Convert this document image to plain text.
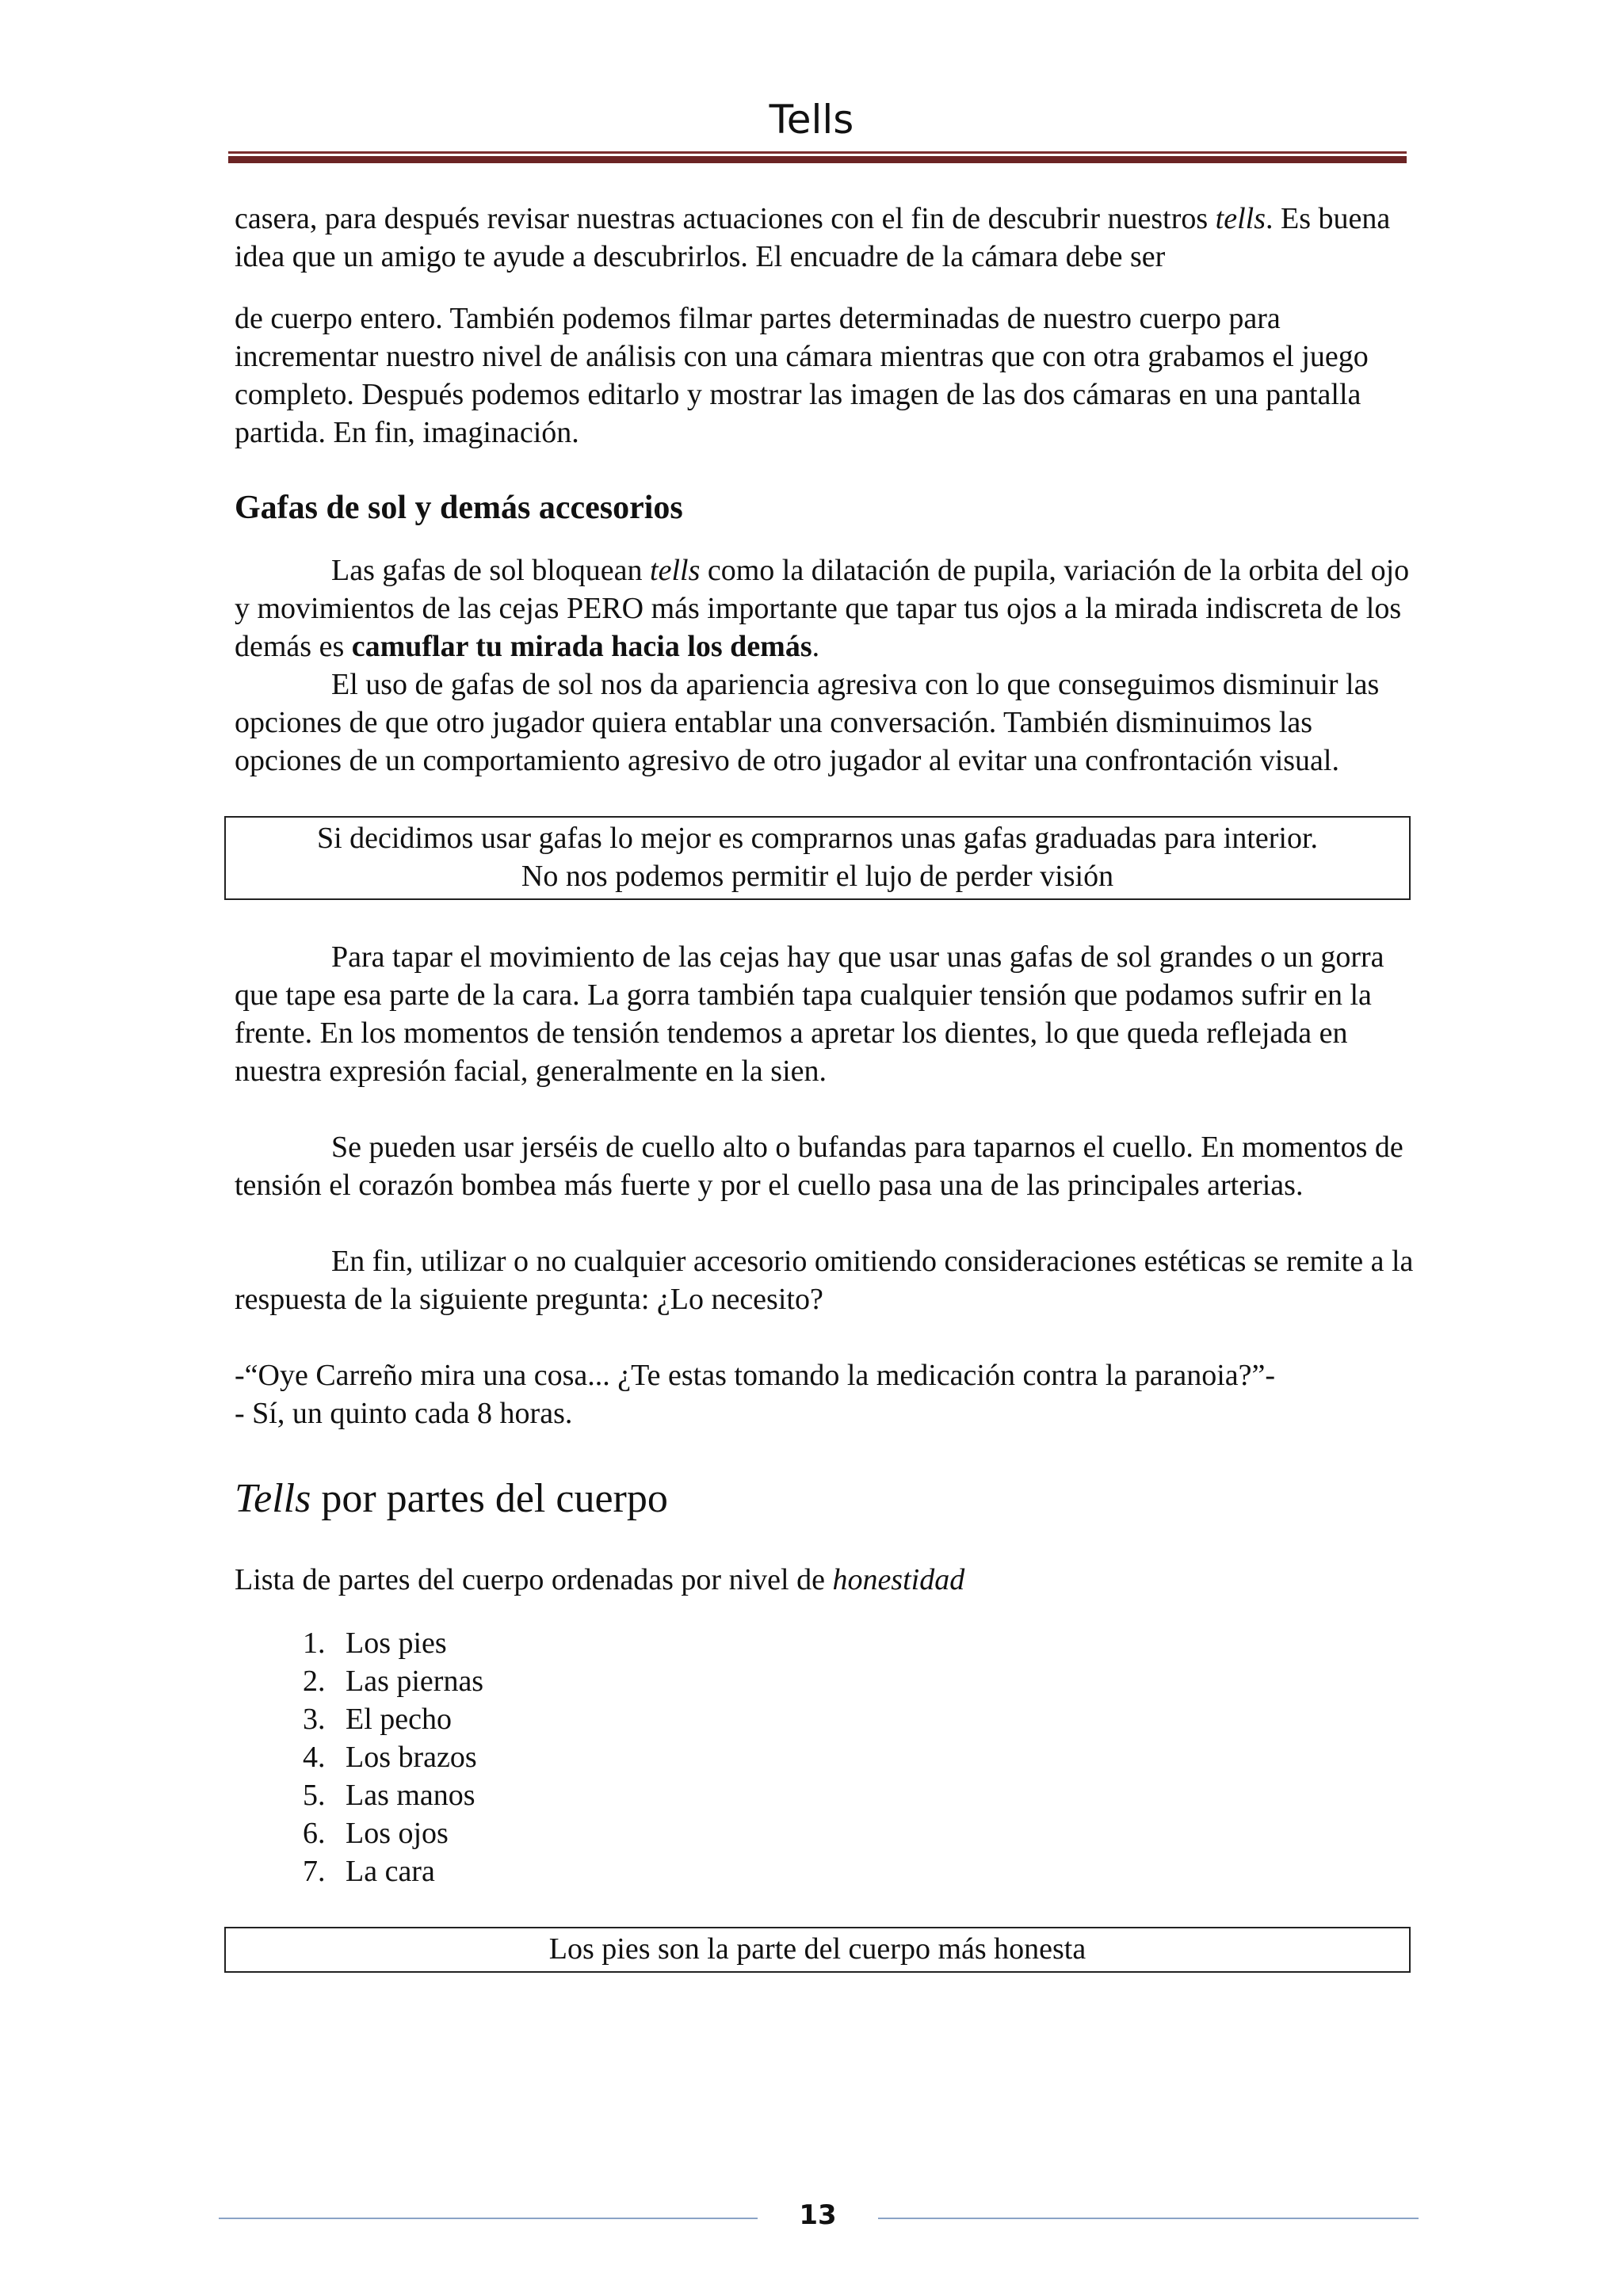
Tells

casera, para después revisar nuestras actuaciones con el fin de descubrir nuestros tells. Es buena idea que un amigo te ayude a descubrirlos. El encuadre de la cámara debe ser

de cuerpo entero. También podemos filmar partes determinadas de nuestro cuerpo para incrementar nuestro nivel de análisis con una cámara mientras que con otra grabamos el juego completo. Después podemos editarlo y mostrar las imagen de las dos cámaras en una pantalla partida. En fin, imaginación.

Gafas de sol y demás accesorios

Las gafas de sol bloquean tells como la dilatación de pupila, variación de la orbita del ojo y movimientos de las cejas PERO más importante que tapar tus ojos a la mirada indiscreta de los demás es camuflar tu mirada hacia los demás.

El uso de gafas de sol nos da apariencia agresiva con lo que conseguimos disminuir las opciones de que otro jugador quiera entablar una conversación. También disminuimos las opciones de un comportamiento agresivo de otro jugador al evitar una confrontación visual.

Si decidimos usar gafas lo mejor es comprarnos unas gafas graduadas para interior.
No nos podemos permitir el lujo de perder visión

Para tapar el movimiento de las cejas hay que usar unas gafas de sol grandes o un gorra que tape esa parte de la cara. La gorra también tapa cualquier tensión que podamos sufrir en la frente. En los momentos de tensión tendemos a apretar los dientes, lo que queda reflejada en nuestra expresión facial, generalmente en la sien.

Se pueden usar jerséis de cuello alto o bufandas para taparnos el cuello. En momentos de tensión el corazón bombea más fuerte y por el cuello pasa una de las principales arterias.

En fin, utilizar o no cualquier accesorio omitiendo consideraciones estéticas se remite a la respuesta de la siguiente pregunta: ¿Lo necesito?

-“Oye Carreño mira una cosa... ¿Te estas tomando la medicación contra la paranoia?”-

- Sí, un quinto cada 8 horas.

Tells por partes del cuerpo

Lista de partes del cuerpo ordenadas por nivel de honestidad

1. Los pies
2. Las piernas
3. El pecho
4. Los brazos
5. Las manos
6. Los ojos
7. La cara
Los pies son la parte del cuerpo más honesta
13
